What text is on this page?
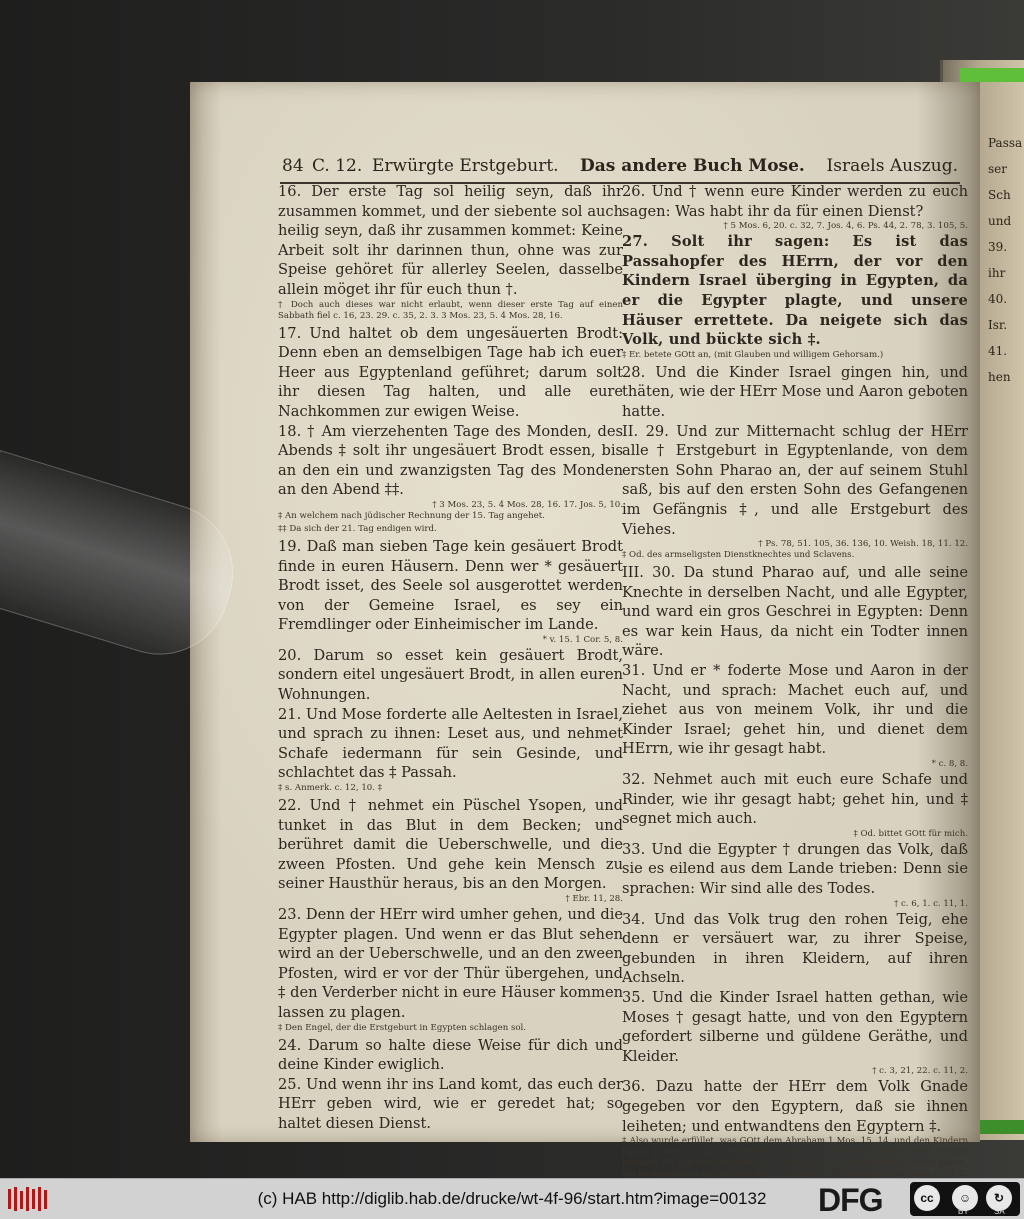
Passa
ser
Sch
und
39.
ihr
40.
Isr.
41.
hen
84 C. 12. Erwürgte Erstgeburt. Das andere Buch Mose. Israels Auszug.

16. Der erste Tag sol heilig seyn, daß ihr zusammen kommet, und der siebente sol auch heilig seyn, daß ihr zusammen kommet: Keine Arbeit solt ihr darinnen thun, ohne was zur Speise gehöret für allerley Seelen, dasselbe allein möget ihr für euch thun †.

† Doch auch dieses war nicht erlaubt, wenn dieser erste Tag auf einen Sabbath fiel c. 16, 23. 29. c. 35, 2. 3. 3 Mos. 23, 5. 4 Mos. 28, 16.

17. Und haltet ob dem ungesäuerten Brodt: Denn eben an demselbigen Tage hab ich euer Heer aus Egyptenland geführet; darum solt ihr diesen Tag halten, und alle eure Nachkommen zur ewigen Weise.

18. † Am vierzehenten Tage des Monden, des Abends ‡ solt ihr ungesäuert Brodt essen, bis an den ein und zwanzigsten Tag des Monden an den Abend ‡‡.

† 3 Mos. 23, 5. 4 Mos. 28, 16. 17. Jos. 5, 10.

‡ An welchem nach jüdischer Rechnung der 15. Tag angehet.

‡‡ Da sich der 21. Tag endigen wird.

19. Daß man sieben Tage kein gesäuert Brodt finde in euren Häusern. Denn wer * gesäuert Brodt isset, des Seele sol ausgerottet werden von der Gemeine Israel, es sey ein Fremdlinger oder Einheimischer im Lande.

* v. 15. 1 Cor. 5, 8.

20. Darum so esset kein gesäuert Brodt, sondern eitel ungesäuert Brodt, in allen euren Wohnungen.

21. Und Mose forderte alle Aeltesten in Israel, und sprach zu ihnen: Leset aus, und nehmet Schafe iedermann für sein Gesinde, und schlachtet das ‡ Passah.

‡ s. Anmerk. c. 12, 10. ‡

22. Und † nehmet ein Püschel Ysopen, und tunket in das Blut in dem Becken; und berühret damit die Ueberschwelle, und die zween Pfosten. Und gehe kein Mensch zu seiner Hausthür heraus, bis an den Morgen.

† Ebr. 11, 28.

23. Denn der HErr wird umher gehen, und die Egypter plagen. Und wenn er das Blut sehen wird an der Ueberschwelle, und an den zween Pfosten, wird er vor der Thür übergehen, und ‡ den Verderber nicht in eure Häuser kommen lassen zu plagen.

‡ Den Engel, der die Erstgeburt in Egypten schlagen sol.

24. Darum so halte diese Weise für dich und deine Kinder ewiglich.

25. Und wenn ihr ins Land komt, das euch der HErr geben wird, wie er geredet hat; so haltet diesen Dienst.

26. Und † wenn eure Kinder werden zu euch sagen: Was habt ihr da für einen Dienst?

† 5 Mos. 6, 20. c. 32, 7. Jos. 4, 6. Ps. 44, 2. 78, 3. 105, 5.

27. Solt ihr sagen: Es ist das Passahopfer des HErrn, der vor den Kindern Israel überging in Egypten, da er die Egypter plagte, und unsere Häuser errettete. Da neigete sich das Volk, und bückte sich ‡.

‡ Er. betete GOtt an, (mit Glauben und willigem Gehorsam.)

28. Und die Kinder Israel gingen hin, und thäten, wie der HErr Mose und Aaron geboten hatte.

II. 29. Und zur Mitternacht schlug der HErr alle † Erstgeburt in Egyptenlande, von dem ersten Sohn Pharao an, der auf seinem Stuhl saß, bis auf den ersten Sohn des Gefangenen im Gefängnis ‡, und alle Erstgeburt des Viehes.

† Ps. 78, 51. 105, 36. 136, 10. Weish. 18, 11. 12.

‡ Od. des armseligsten Dienstknechtes und Sclavens.

III. 30. Da stund Pharao auf, und alle seine Knechte in derselben Nacht, und alle Egypter, und ward ein gros Geschrei in Egypten: Denn es war kein Haus, da nicht ein Todter innen wäre.

31. Und er * foderte Mose und Aaron in der Nacht, und sprach: Machet euch auf, und ziehet aus von meinem Volk, ihr und die Kinder Israel; gehet hin, und dienet dem HErrn, wie ihr gesagt habt.

* c. 8, 8.

32. Nehmet auch mit euch eure Schafe und Rinder, wie ihr gesagt habt; gehet hin, und ‡ segnet mich auch.

‡ Od. bittet GOtt für mich.

33. Und die Egypter † drungen das Volk, daß sie es eilend aus dem Lande trieben: Denn sie sprachen: Wir sind alle des Todes.

† c. 6, 1. c. 11, 1.

34. Und das Volk trug den rohen Teig, ehe denn er versäuert war, zu ihrer Speise, gebunden in ihren Kleidern, auf ihren Achseln.

35. Und die Kinder Israel hatten gethan, wie Moses † gesagt hatte, und von den Egyptern gefordert silberne und güldene Geräthe, und Kleider.

† c. 3, 21, 22. c. 11, 2.

36. Dazu hatte der HErr dem Volk Gnade gegeben vor den Egyptern, daß sie ihnen leiheten; und entwandtens den Egyptern ‡.

‡ Also wurde erfüllet, was GOtt dem Abraham 1 Mos. 15, 14. und den Kindern Israel 2 Mos. 3, 22. verheissen hatte. Die Herzenslenkende Kraft GOttes bewegte die Egypter zum Mitleiden, daß sie die Israeliten vieles selber gaben, die Kostbarkeiten als Zeichen der Liebe und Aussöhnung anzunehmen c. 13, 2.

(c) HAB http://diglib.hab.de/drucke/wt-4f-96/start.htm?image=00132	DFG	cc	☺	↻
BY	SA
